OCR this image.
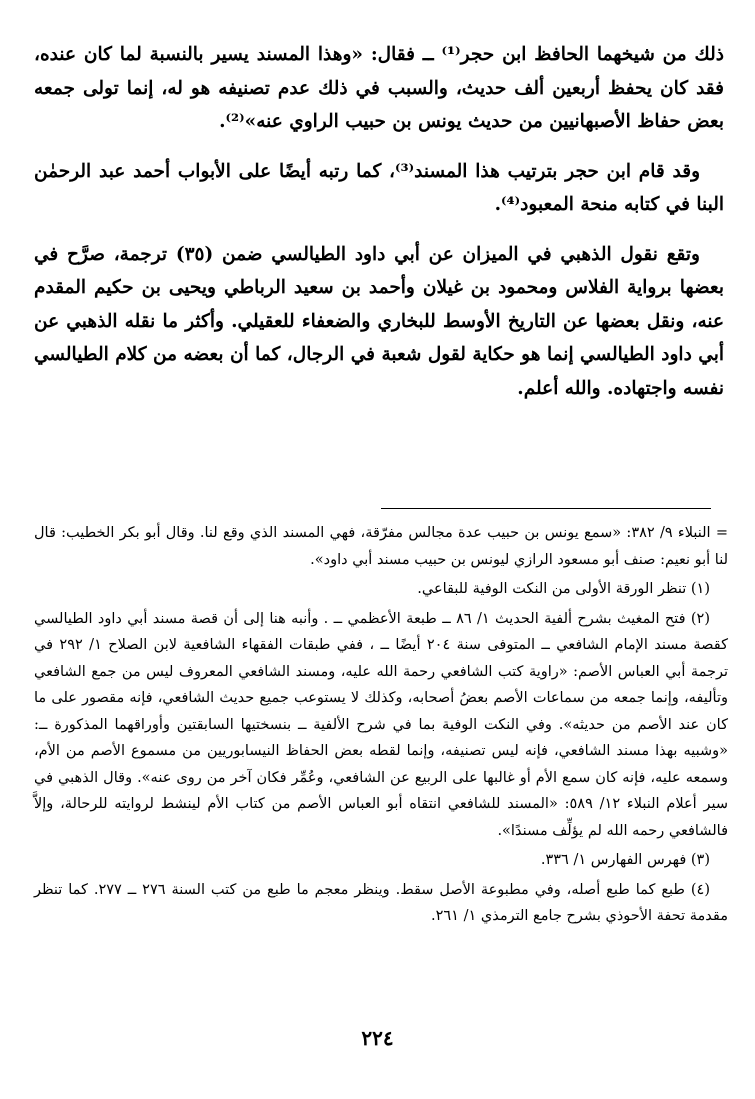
ذلك من شيخهما الحافظ ابن حجر⁽¹⁾ ــ فقال: «وهذا المسند يسير بالنسبة لما كان عنده، فقد كان يحفظ أربعين ألف حديث، والسبب في ذلك عدم تصنيفه هو له، إنما تولى جمعه بعض حفاظ الأصبهانيين من حديث يونس بن حبيب الراوي عنه»⁽²⁾.

وقد قام ابن حجر بترتيب هذا المسند⁽³⁾، كما رتبه أيضًا على الأبواب أحمد عبد الرحمٰن البنا في كتابه منحة المعبود⁽⁴⁾.

وتقع نقول الذهبي في الميزان عن أبي داود الطيالسي ضمن (٣٥) ترجمة، صرَّح في بعضها برواية الفلاس ومحمود بن غيلان وأحمد بن سعيد الرباطي ويحيى بن حكيم المقدم عنه، ونقل بعضها عن التاريخ الأوسط للبخاري والضعفاء للعقيلي. وأكثر ما نقله الذهبي عن أبي داود الطيالسي إنما هو حكاية لقول شعبة في الرجال، كما أن بعضه من كلام الطيالسي نفسه واجتهاده. والله أعلم.

= النبلاء ٩/ ٣٨٢: «سمع يونس بن حبيب عدة مجالس مفرّقة، فهي المسند الذي وقع لنا. وقال أبو بكر الخطيب: قال لنا أبو نعيم: صنف أبو مسعود الرازي ليونس بن حبيب مسند أبي داود».

(١) تنظر الورقة الأولى من النكت الوفية للبقاعي.

(٢) فتح المغيث بشرح ألفية الحديث ١/ ٨٦ ــ طبعة الأعظمي ــ . وأنبه هنا إلى أن قصة مسند أبي داود الطيالسي كقصة مسند الإمام الشافعي ــ المتوفى سنة ٢٠٤ أيضًا ــ ، ففي طبقات الفقهاء الشافعية لابن الصلاح ١/ ٢٩٢ في ترجمة أبي العباس الأصم: «راوية كتب الشافعي رحمة الله عليه، ومسند الشافعي المعروف ليس من جمع الشافعي وتأليفه، وإنما جمعه من سماعات الأصم بعضُ أصحابه، وكذلك لا يستوعب جميع حديث الشافعي، فإنه مقصور على ما كان عند الأصم من حديثه». وفي النكت الوفية بما في شرح الألفية ــ بنسختيها السابقتين وأوراقهما المذكورة ــ: «وشبيه بهذا مسند الشافعي، فإنه ليس تصنيفه، وإنما لقطه بعض الحفاظ النيسابوريين من مسموع الأصم من الأم، وسمعه عليه، فإنه كان سمع الأم أو غالبها على الربيع عن الشافعي، وعُمِّر فكان آخر من روى عنه». وقال الذهبي في سير أعلام النبلاء ١٢/ ٥٨٩: «المسند للشافعي انتقاه أبو العباس الأصم من كتاب الأم لينشط لروايته للرحالة، وإلاَّ فالشافعي رحمه الله لم يؤلِّف مسندًا».

(٣) فهرس الفهارس ١/ ٣٣٦.

(٤) طبع كما طبع أصله، وفي مطبوعة الأصل سقط. وينظر معجم ما طبع من كتب السنة ٢٧٦ ــ ٢٧٧. كما تنظر مقدمة تحفة الأحوذي بشرح جامع الترمذي ١/ ٢٦١.

٢٢٤
